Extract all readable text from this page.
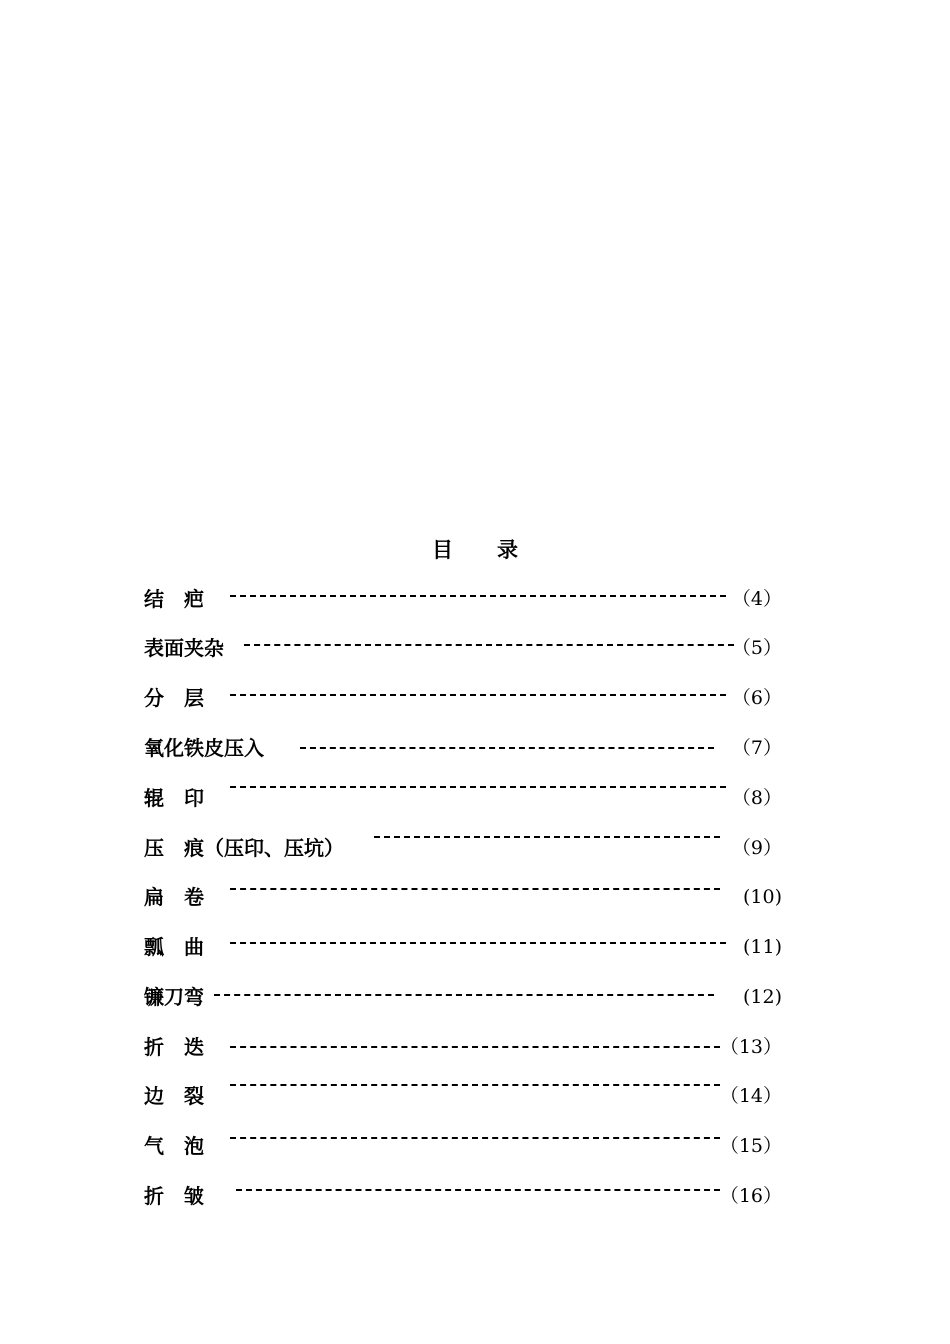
目 录
结　疤	（4）
表面夹杂	（5）
分　层	（6）
氧化铁皮压入	（7）
辊　印	（8）
压　痕（压印、压坑）	（9）
扁　卷	(10)
瓢　曲	(11)
镰刀弯	(12)
折　迭	（13）
边　裂	（14）
气　泡	（15）
折　皱	（16）
